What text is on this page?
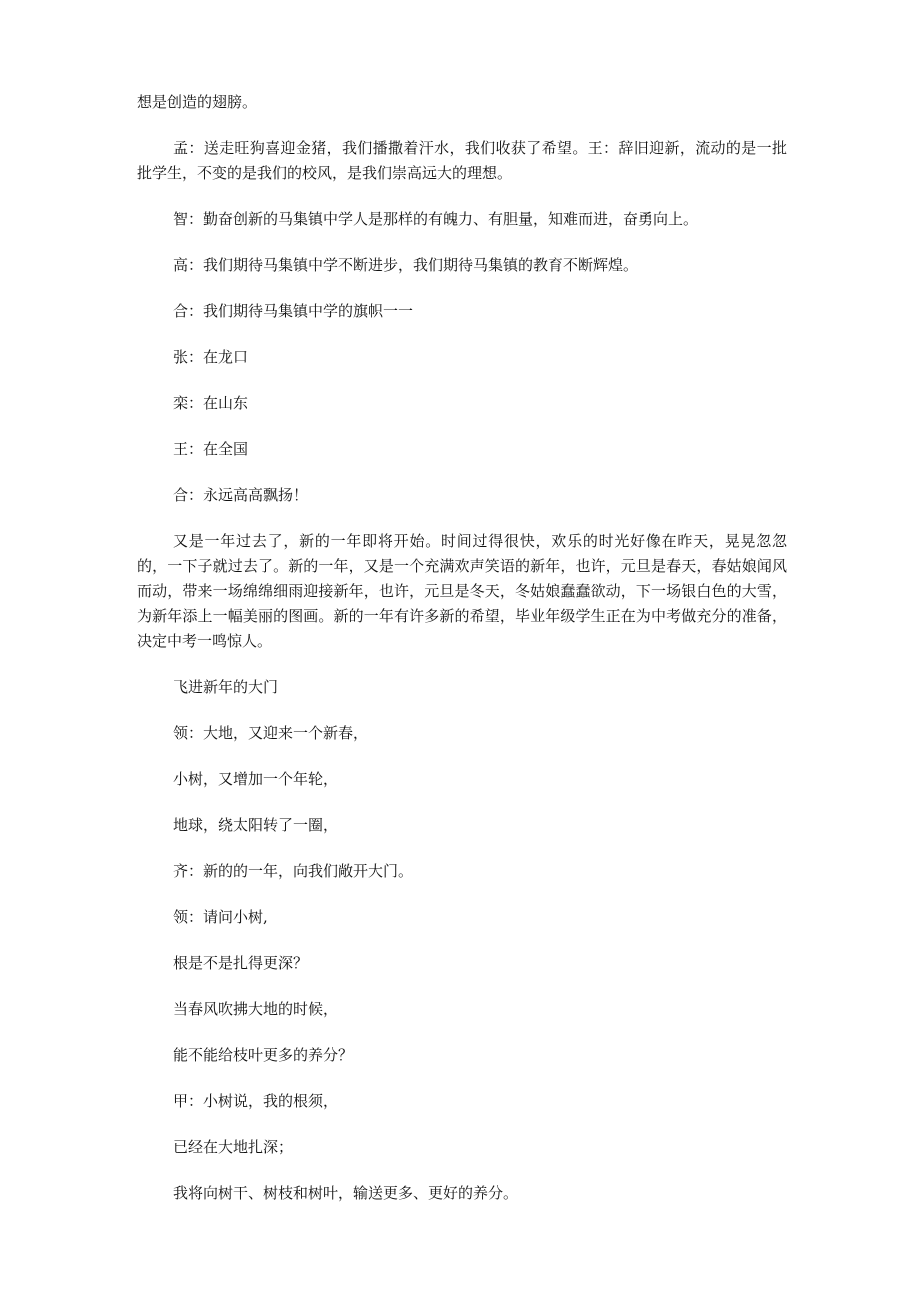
想是创造的翅膀。

孟：送走旺狗喜迎金猪，我们播撒着汗水，我们收获了希望。王：辞旧迎新，流动的是一批批学生，不变的是我们的校风，是我们崇高远大的理想。

智：勤奋创新的马集镇中学人是那样的有魄力、有胆量，知难而进，奋勇向上。

高：我们期待马集镇中学不断进步，我们期待马集镇的教育不断辉煌。

合：我们期待马集镇中学的旗帜一一

张：在龙口

栾：在山东

王：在全国

合：永远高高飘扬！

又是一年过去了，新的一年即将开始。时间过得很快，欢乐的时光好像在昨天，晃晃忽忽的，一下子就过去了。新的一年，又是一个充满欢声笑语的新年，也许，元旦是春天，春姑娘闻风而动，带来一场绵绵细雨迎接新年，也许，元旦是冬天，冬姑娘蠢蠢欲动，下一场银白色的大雪，为新年添上一幅美丽的图画。新的一年有许多新的希望，毕业年级学生正在为中考做充分的准备，决定中考一鸣惊人。

飞进新年的大门

领：大地，又迎来一个新春，

小树，又增加一个年轮，

地球，绕太阳转了一圈，

齐：新的的一年，向我们敞开大门。

领：请问小树,

根是不是扎得更深？

当春风吹拂大地的时候，

能不能给枝叶更多的养分？

甲：小树说，我的根须，

已经在大地扎深；

我将向树干、树枝和树叶，输送更多、更好的养分。
